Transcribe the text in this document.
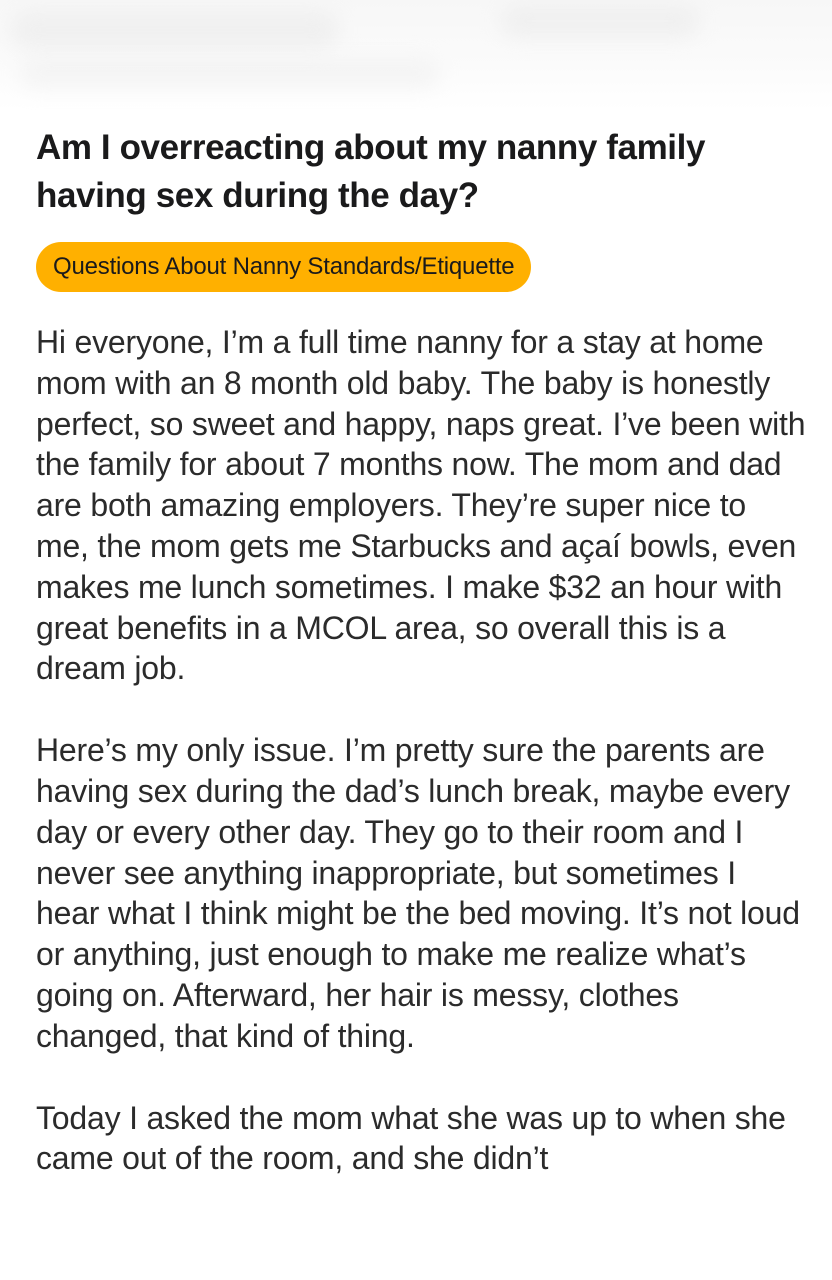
Am I overreacting about my nanny family having sex during the day?
Questions About Nanny Standards/Etiquette

Hi everyone, I’m a full time nanny for a stay at home mom with an 8 month old baby. The baby is honestly perfect, so sweet and happy, naps great. I’ve been with the family for about 7 months now. The mom and dad are both amazing employers. They’re super nice to me, the mom gets me Starbucks and açaí bowls, even makes me lunch sometimes. I make $32 an hour with great benefits in a MCOL area, so overall this is a dream job.

Here’s my only issue. I’m pretty sure the parents are having sex during the dad’s lunch break, maybe every day or every other day. They go to their room and I never see anything inappropriate, but sometimes I hear what I think might be the bed moving. It’s not loud or anything, just enough to make me realize what’s going on. Afterward, her hair is messy, clothes changed, that kind of thing.

Today I asked the mom what she was up to when she came out of the room, and she didn’t
